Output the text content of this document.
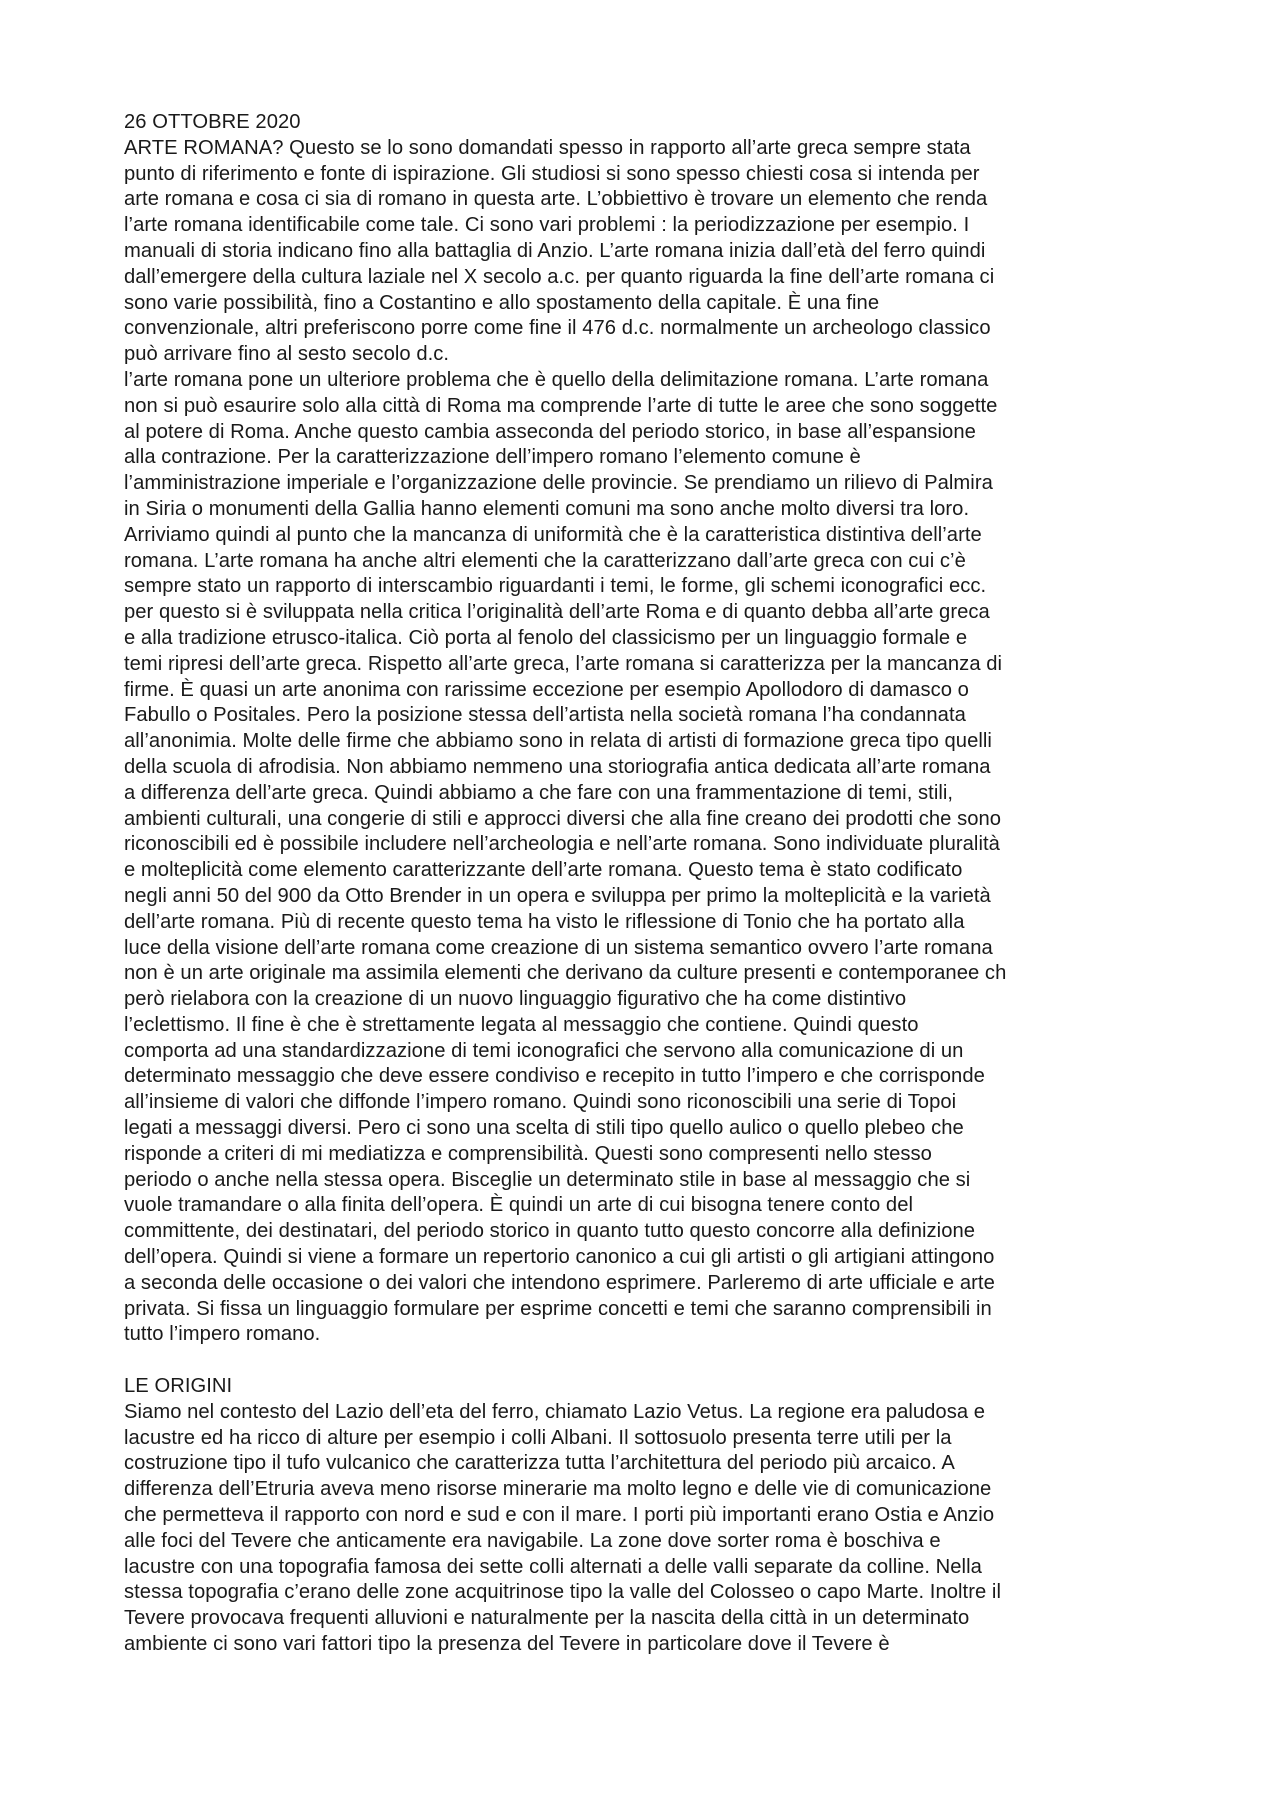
26 OTTOBRE 2020
ARTE ROMANA? Questo se lo sono domandati spesso in rapporto all’arte greca sempre stata
punto di riferimento e fonte di ispirazione. Gli studiosi si sono spesso chiesti cosa si intenda per
arte romana e cosa ci sia di romano in questa arte. L’obbiettivo è trovare un elemento che renda
l’arte romana identificabile come tale. Ci sono vari problemi : la periodizzazione per esempio. I
manuali di storia indicano fino alla battaglia di Anzio. L’arte romana inizia dall’età del ferro quindi
dall’emergere della cultura laziale nel X secolo a.c. per quanto riguarda la fine dell’arte romana ci
sono varie possibilità, fino a Costantino e allo spostamento della capitale. È una fine
convenzionale, altri preferiscono porre come fine il 476 d.c. normalmente un archeologo classico
può arrivare fino al sesto secolo d.c.
l’arte romana pone un ulteriore problema che è quello della delimitazione romana. L’arte romana
non si può esaurire solo alla città di Roma ma comprende l’arte di tutte le aree che sono soggette
al potere di Roma. Anche questo cambia asseconda del periodo storico, in base all’espansione
alla contrazione. Per la caratterizzazione dell’impero romano l’elemento comune è
l’amministrazione imperiale e l’organizzazione delle provincie. Se prendiamo un rilievo di Palmira
in Siria o monumenti della Gallia hanno elementi comuni ma sono anche molto diversi tra loro.
Arriviamo quindi al punto che la mancanza di uniformità che è la caratteristica distintiva dell’arte
romana. L’arte romana ha anche altri elementi che la caratterizzano dall’arte greca con cui c’è
sempre stato un rapporto di interscambio riguardanti i temi, le forme, gli schemi iconografici ecc.
per questo si è sviluppata nella critica l’originalità dell’arte Roma e di quanto debba all’arte greca
e alla tradizione etrusco-italica. Ciò porta al fenolo del classicismo per un linguaggio formale e
temi ripresi dell’arte greca. Rispetto all’arte greca, l’arte romana si caratterizza per la mancanza di
firme. È quasi un arte anonima con rarissime eccezione per esempio Apollodoro di damasco o
Fabullo o Positales. Pero la posizione stessa dell’artista nella società romana l’ha condannata
all’anonimia. Molte delle firme che abbiamo sono in relata di artisti di formazione greca tipo quelli
della scuola di afrodisia. Non abbiamo nemmeno una storiografia antica dedicata all’arte romana
a differenza dell’arte greca. Quindi abbiamo a che fare con una frammentazione di temi, stili,
ambienti culturali, una congerie di stili e approcci diversi che alla fine creano dei prodotti che sono
riconoscibili ed è possibile includere nell’archeologia e nell’arte romana. Sono individuate pluralità
e molteplicità come elemento caratterizzante dell’arte romana. Questo tema è stato codificato
negli anni 50 del 900 da Otto Brender in un opera e sviluppa per primo la molteplicità e la varietà
dell’arte romana. Più di recente questo tema ha visto le riflessione di Tonio che ha portato alla
luce della visione dell’arte romana come creazione di un sistema semantico ovvero l’arte romana
non è un arte originale ma assimila elementi che derivano da culture presenti e contemporanee ch
però rielabora con la creazione di un nuovo linguaggio figurativo che ha come distintivo
l’eclettismo. Il fine è che è strettamente legata al messaggio che contiene. Quindi questo
comporta ad una standardizzazione di temi iconografici che servono alla comunicazione di un
determinato messaggio che deve essere condiviso e recepito in tutto l’impero e che corrisponde
all’insieme di valori che diffonde l’impero romano. Quindi sono riconoscibili una serie di Topoi
legati a messaggi diversi. Pero ci sono una scelta di stili tipo quello aulico o quello plebeo che
risponde a criteri di mi mediatizza e comprensibilità. Questi sono compresenti nello stesso
periodo o anche nella stessa opera. Bisceglie un determinato stile in base al messaggio che si
vuole tramandare o alla finita dell’opera. È quindi un arte di cui bisogna tenere conto del
committente, dei destinatari, del periodo storico in quanto tutto questo concorre alla definizione
dell’opera. Quindi si viene a formare un repertorio canonico a cui gli artisti o gli artigiani attingono
a seconda delle occasione o dei valori che intendono esprimere. Parleremo di arte ufficiale e arte
privata. Si fissa un linguaggio formulare per esprime concetti e temi che saranno comprensibili in
tutto l’impero romano.
LE ORIGINI
Siamo nel contesto del Lazio dell’eta del ferro, chiamato Lazio Vetus. La regione era paludosa e
lacustre ed ha ricco di alture per esempio i colli Albani. Il sottosuolo presenta terre utili per la
costruzione tipo il tufo vulcanico che caratterizza tutta l’architettura del periodo più arcaico. A
differenza dell’Etruria aveva meno risorse minerarie ma molto legno e delle vie di comunicazione
che permetteva il rapporto con nord e sud e con il mare. I porti più importanti erano Ostia e Anzio
alle foci del Tevere che anticamente era navigabile. La zone dove sorter roma è boschiva e
lacustre con una topografia famosa dei sette colli alternati a delle valli separate da colline. Nella
stessa topografia c’erano delle zone acquitrinose tipo la valle del Colosseo o capo Marte. Inoltre il
Tevere provocava frequenti alluvioni e naturalmente per la nascita della città in un determinato
ambiente ci sono vari fattori tipo la presenza del Tevere in particolare dove il Tevere è
